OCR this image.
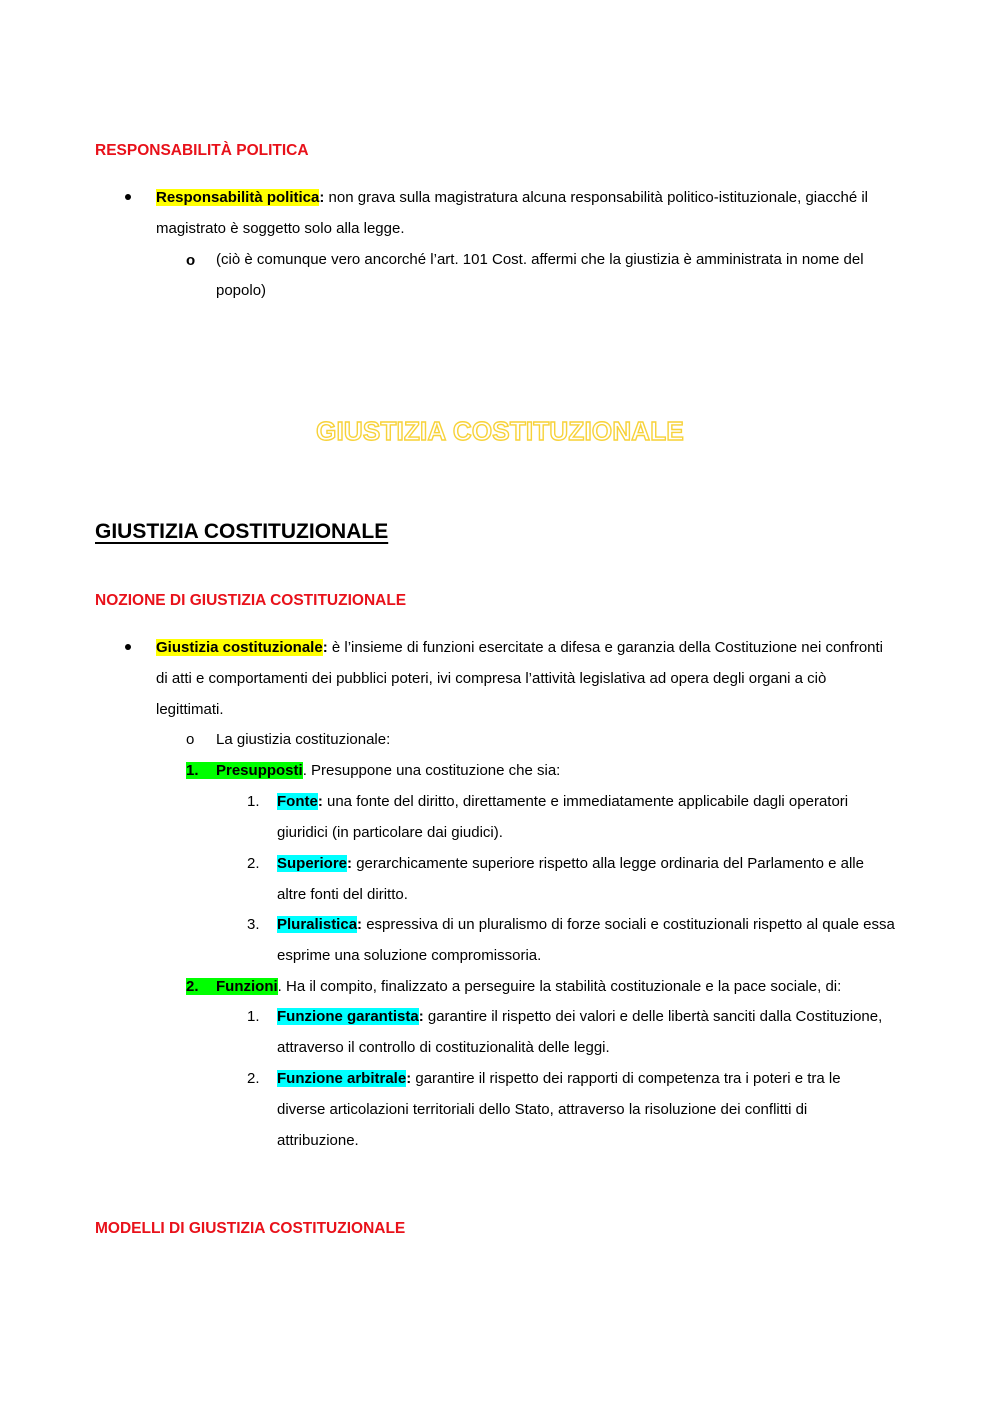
RESPONSABILITÀ POLITICA
Responsabilità politica: non grava sulla magistratura alcuna responsabilità politico-istituzionale, giacché il
magistrato è soggetto solo alla legge.
o (ciò è comunque vero ancorché l’art. 101 Cost. affermi che la giustizia è amministrata in nome del
popolo)
GIUSTIZIA COSTITUZIONALE
GIUSTIZIA COSTITUZIONALE
NOZIONE DI GIUSTIZIA COSTITUZIONALE
Giustizia costituzionale: è l’insieme di funzioni esercitate a difesa e garanzia della Costituzione nei confronti
di atti e comportamenti dei pubblici poteri, ivi compresa l’attività legislativa ad opera degli organi a ciò
legittimati.
o La giustizia costituzionale:
1. Presupposti. Presuppone una costituzione che sia:
1. Fonte: una fonte del diritto, direttamente e immediatamente applicabile dagli operatori
giuridici (in particolare dai giudici).
2. Superiore: gerarchicamente superiore rispetto alla legge ordinaria del Parlamento e alle
altre fonti del diritto.
3. Pluralistica: espressiva di un pluralismo di forze sociali e costituzionali rispetto al quale essa
esprime una soluzione compromissoria.
2. Funzioni. Ha il compito, finalizzato a perseguire la stabilità costituzionale e la pace sociale, di:
1. Funzione garantista: garantire il rispetto dei valori e delle libertà sanciti dalla Costituzione,
attraverso il controllo di costituzionalità delle leggi.
2. Funzione arbitrale: garantire il rispetto dei rapporti di competenza tra i poteri e tra le
diverse articolazioni territoriali dello Stato, attraverso la risoluzione dei conflitti di
attribuzione.
MODELLI DI GIUSTIZIA COSTITUZIONALE
